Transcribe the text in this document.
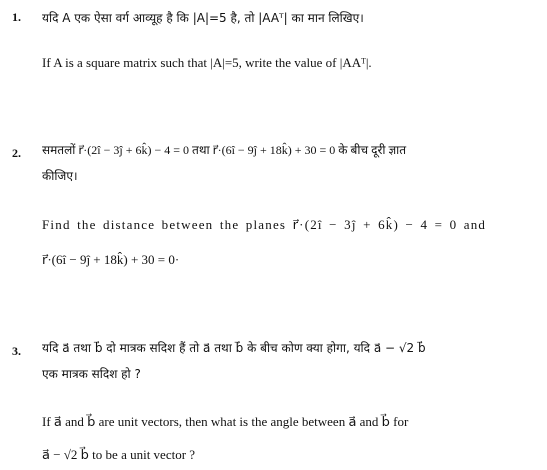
1. यदि A एक ऐसा वर्ग आव्यूह है कि |A|=5 है, तो |AAᵀ| का मान लिखिए।
If A is a square matrix such that |A|=5, write the value of |AAᵀ|.
2. समतलों r⃗·(2î − 3ĵ + 6k̂) − 4 = 0 तथा r⃗·(6î − 9ĵ + 18k̂) + 30 = 0 के बीच दूरी ज्ञात
कीजिए।
Find the distance between the planes r⃗·(2î − 3ĵ + 6k̂) − 4 = 0 and
r⃗·(6î − 9ĵ + 18k̂) + 30 = 0·
3. यदि a⃗ तथा b⃗ दो मात्रक सदिश हैं तो a⃗ तथा b⃗ के बीच कोण क्या होगा, यदि a⃗ − √2 b⃗
एक मात्रक सदिश हो ?
If a⃗ and b⃗ are unit vectors, then what is the angle between a⃗ and b⃗ for
a⃗ − √2 b⃗ to be a unit vector ?
